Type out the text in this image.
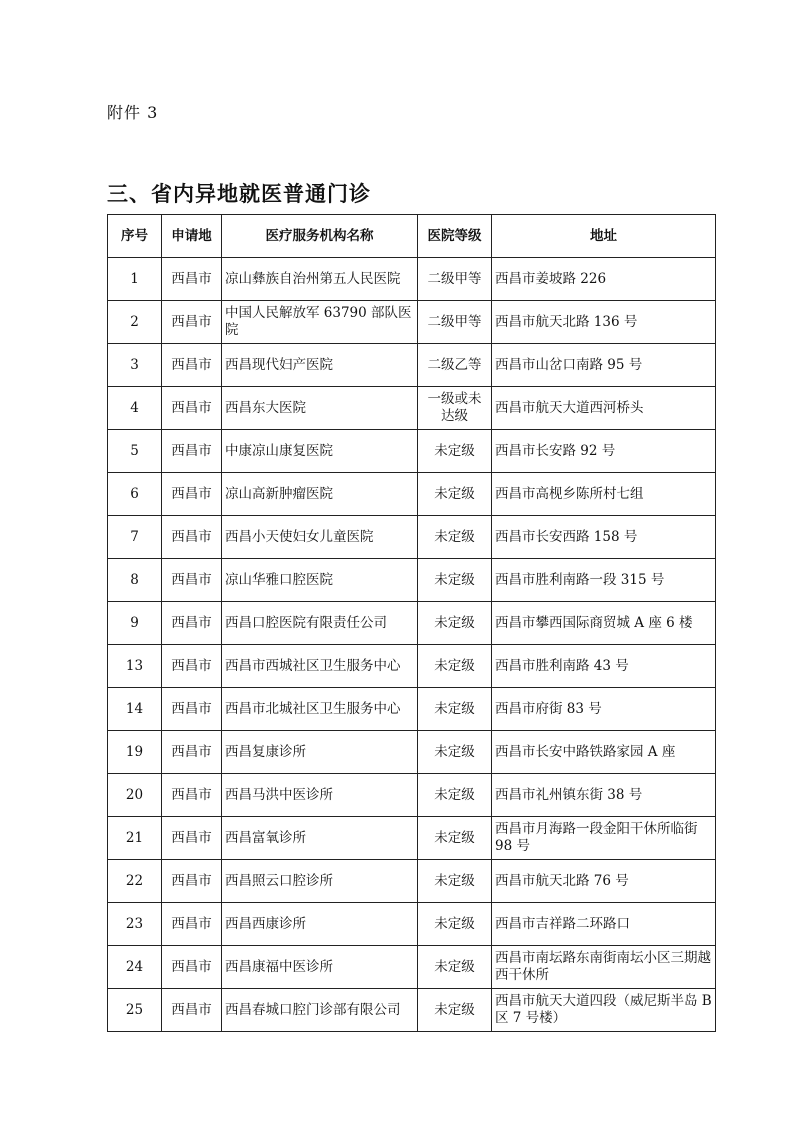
附件 3
三、省内异地就医普通门诊
序号	申请地	医疗服务机构名称	医院等级	地址
1	西昌市	凉山彝族自治州第五人民医院	二级甲等	西昌市姜坡路 226
2	西昌市	中国人民解放军 63790 部队医院	二级甲等	西昌市航天北路 136 号
3	西昌市	西昌现代妇产医院	二级乙等	西昌市山岔口南路 95 号
4	西昌市	西昌东大医院	一级或未达级	西昌市航天大道西河桥头
5	西昌市	中康凉山康复医院	未定级	西昌市长安路 92 号
6	西昌市	凉山高新肿瘤医院	未定级	西昌市高枧乡陈所村七组
7	西昌市	西昌小天使妇女儿童医院	未定级	西昌市长安西路 158 号
8	西昌市	凉山华雅口腔医院	未定级	西昌市胜利南路一段 315 号
9	西昌市	西昌口腔医院有限责任公司	未定级	西昌市攀西国际商贸城 A 座 6 楼
13	西昌市	西昌市西城社区卫生服务中心	未定级	西昌市胜利南路 43 号
14	西昌市	西昌市北城社区卫生服务中心	未定级	西昌市府街 83 号
19	西昌市	西昌复康诊所	未定级	西昌市长安中路铁路家园 A 座
20	西昌市	西昌马洪中医诊所	未定级	西昌市礼州镇东街 38 号
21	西昌市	西昌富氧诊所	未定级	西昌市月海路一段金阳干休所临街 98 号
22	西昌市	西昌照云口腔诊所	未定级	西昌市航天北路 76 号
23	西昌市	西昌西康诊所	未定级	西昌市吉祥路二环路口
24	西昌市	西昌康福中医诊所	未定级	西昌市南坛路东南街南坛小区三期越西干休所
25	西昌市	西昌春城口腔门诊部有限公司	未定级	西昌市航天大道四段（威尼斯半岛 B 区 7 号楼）
